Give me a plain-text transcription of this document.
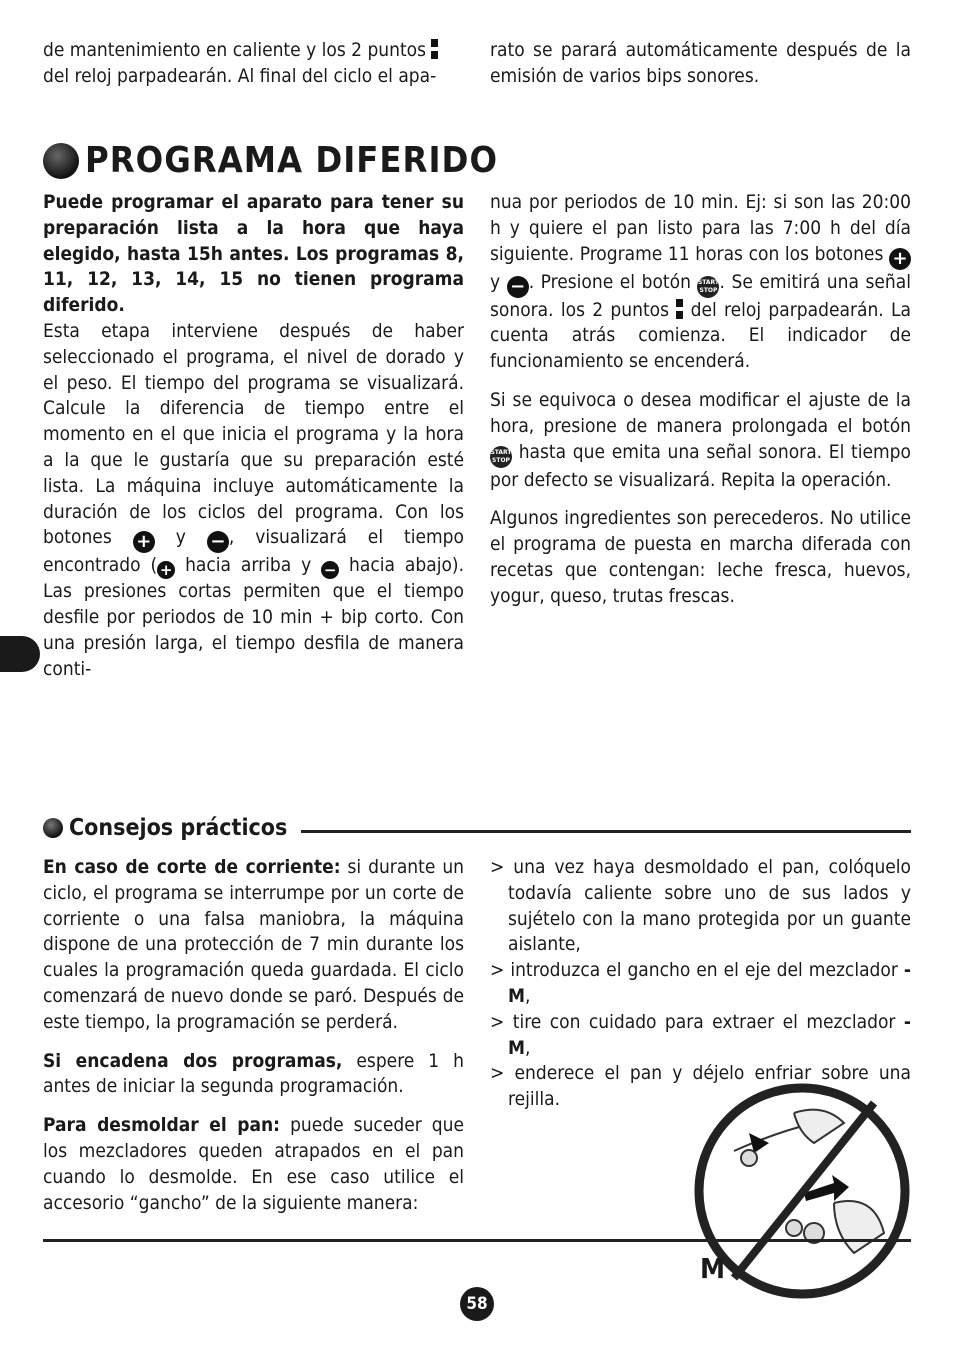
de mantenimiento en caliente y los 2 puntos
del reloj parpadearán. Al final del ciclo el apa-
rato se parará automáticamente después de la emisión de varios bips sonores.
PROGRAMA DIFERIDO

Puede programar el aparato para tener su preparación lista a la hora que haya elegido, hasta 15h antes. Los programas 8, 11, 12, 13, 14, 15 no tienen programa diferido.

Esta etapa interviene después de haber seleccionado el programa, el nivel de dorado y el peso. El tiempo del programa se visualizará. Calcule la diferencia de tiempo entre el momento en el que inicia el programa y la hora a la que le gustaría que su preparación esté lista. La máquina incluye automáticamente la duración de los ciclos del programa. Con los botones + y − , visualizará el tiempo encontrado ( + hacia arriba y − hacia abajo). Las presiones cortas permiten que el tiempo desfile por periodos de 10 min + bip corto. Con una presión larga, el tiempo desfila de manera conti-

nua por periodos de 10 min. Ej: si son las 20:00 h y quiere el pan listo para las 7:00 h del día siguiente. Programe 11 horas con los botones + y − . Presione el botón START
STOP . Se emitirá una señal sonora. los 2 puntos del reloj parpadearán. La cuenta atrás comienza. El indicador de funcionamiento se encenderá.

Si se equivoca o desea modificar el ajuste de la hora, presione de manera prolongada el botón START
STOP hasta que emita una señal sonora. El tiempo por defecto se visualizará. Repita la operación.

Algunos ingredientes son perecederos. No utilice el programa de puesta en marcha diferada con recetas que contengan: leche fresca, huevos, yogur, queso, trutas frescas.

Consejos prácticos

En caso de corte de corriente: si durante un ciclo, el programa se interrumpe por un corte de corriente o una falsa maniobra, la máquina dispone de una protección de 7 min durante los cuales la programación queda guardada. El ciclo comenzará de nuevo donde se paró. Después de este tiempo, la programación se perderá.

Si encadena dos programas, espere 1 h antes de iniciar la segunda programación.

Para desmoldar el pan: puede suceder que los mezcladores queden atrapados en el pan cuando lo desmolde. En ese caso utilice el accesorio “gancho” de la siguiente manera:

> una vez haya desmoldado el pan, colóquelo todavía caliente sobre uno de sus lados y sujételo con la mano protegida por un guante aislante,
> introduzca el gancho en el eje del mezclador - M,
> tire con cuidado para extraer el mezclador - M,
> enderece el pan y déjelo enfriar sobre una rejilla.
M
58
